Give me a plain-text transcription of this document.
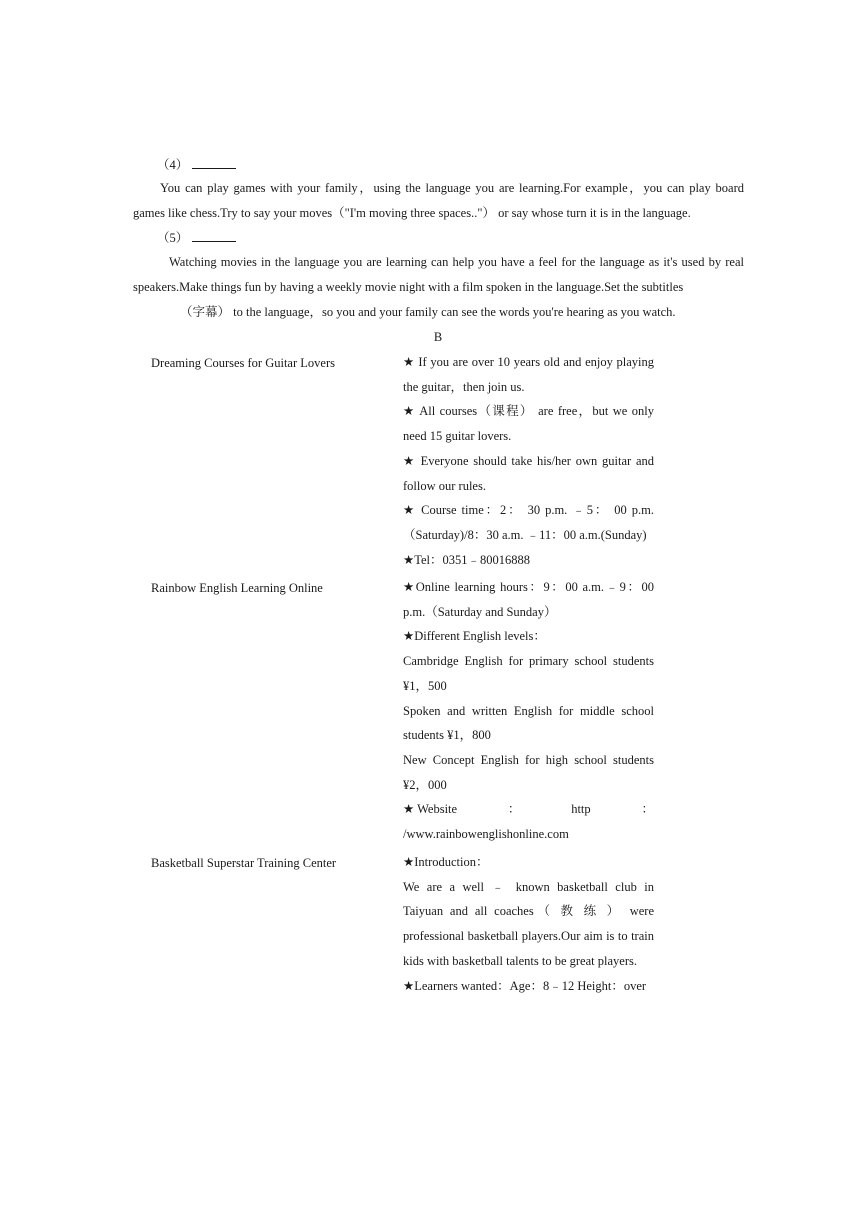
（4）
You can play games with your family，using the language you are learning.For example，you can play board games like chess.Try to say your moves（"I'm moving three spaces.."） or say whose turn it is in the language.
（5）
Watching movies in the language you are learning can help you have a feel for the language as it's used by real speakers.Make things fun by having a weekly movie night with a film spoken in the language.Set the subtitles
（字幕） to the language，so you and your family can see the words you're hearing as you watch.
B
Dreaming Courses for Guitar Lovers	★ If you are over 10 years old and enjoy playing the guitar，then join us.

★ All courses（课程） are free，but we only need 15 guitar lovers.

★ Everyone should take his/her own guitar and follow our rules.

★ Course time：2： 30 p.m. ﹣5： 00 p.m.（Saturday)/8：30 a.m. ﹣11：00 a.m.(Sunday)

★Tel：0351﹣80016888

Rainbow English Learning Online	★Online learning hours：9：00 a.m.﹣9：00 p.m.（Saturday and Sunday）

★Different English levels：

Cambridge English for primary school students ¥1，500

Spoken and written English for middle school students ¥1，800

New Concept English for high school students ¥2，000

★ Website	：	http	：

/www.rainbowenglishonline.com

Basketball Superstar Training Center	★Introduction：

We are a well ﹣ known basketball club in Taiyuan and all coaches（ 教 练 ） were professional basketball players.Our aim is to train kids with basketball talents to be great players.

★Learners wanted：Age：8﹣12 Height：over
